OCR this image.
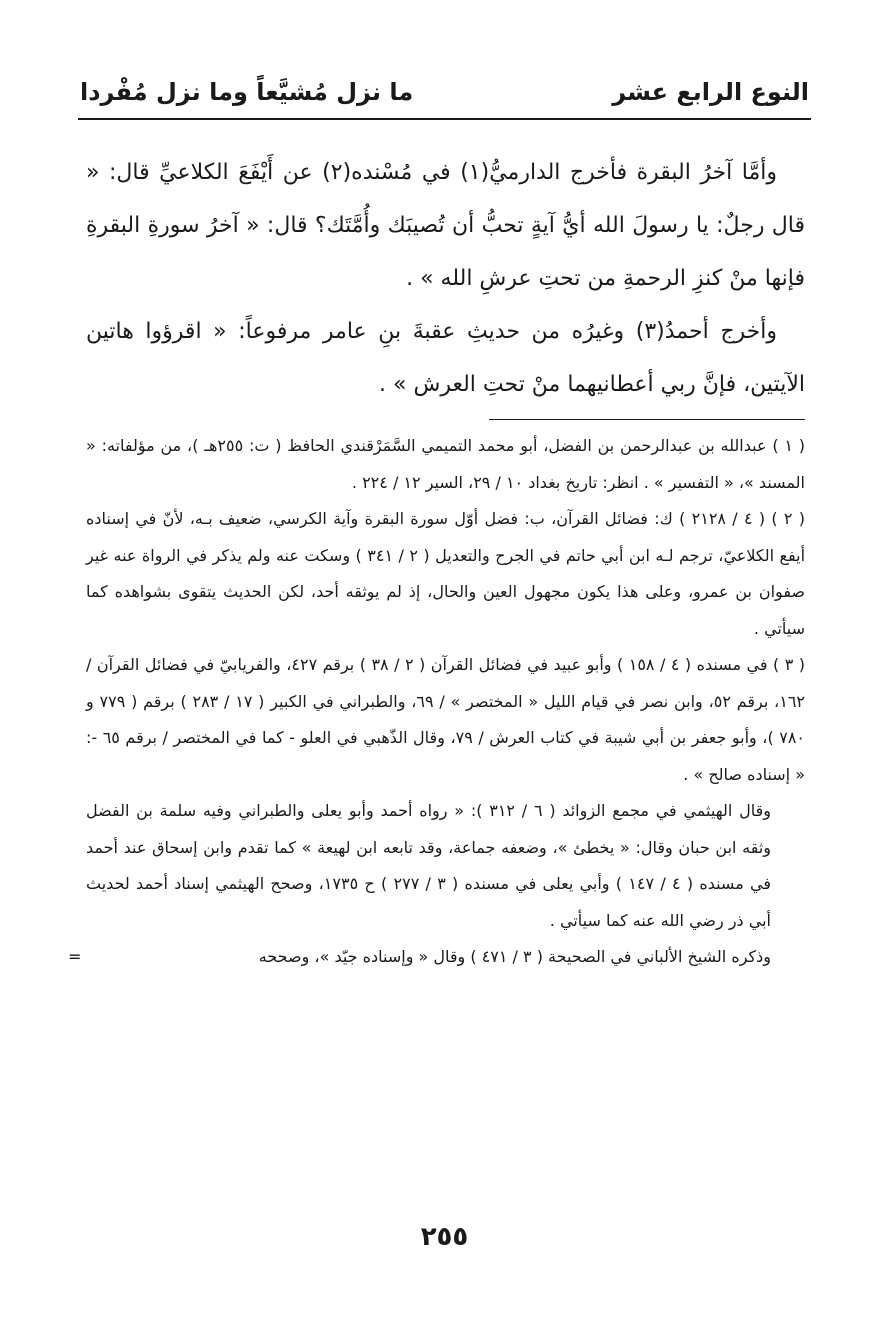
النوع الرابع عشر
ما نزل مُشيَّعاً وما نزل مُفْردا

وأمَّا آخرُ البقرة فأخرج الدارميُّ(١) في مُسْنده(٢) عن أَيْفَعَ الكلاعيِّ قال: « قال رجلٌ: يا رسولَ الله أيُّ آيةٍ تحبُّ أن تُصيبَك وأُمَّتَك؟ قال: « آخرُ سورةِ البقرةِ فإنها منْ كنزِ الرحمةِ من تحتِ عرشِ الله » .

وأخرج أحمدُ(٣) وغيرُه من حديثِ عقبةَ بنِ عامر مرفوعاً: « اقرؤوا هاتين الآيتين، فإنَّ ربي أعطانيهما منْ تحتِ العرش » .

( ١ ) عبدالله بن عبدالرحمن بن الفضل، أبو محمد التميمي السَّمَرْقندي الحافظ ( ت: ٢٥٥هـ )، من مؤلفاته: « المسند »، « التفسير » . انظر: تاريخ بغداد ١٠ / ٢٩، السير ١٢ / ٢٢٤ .

( ٢ ) ( ٤ / ٢١٢٨ ) ك: فضائل القرآن، ب: فضل أوّل سورة البقرة وآية الكرسي، ضعيف بـه، لأنّ في إسناده أيفع الكلاعيّ، ترجم لـه ابن أبي حاتم في الجرح والتعديل ( ٢ / ٣٤١ ) وسكت عنه ولم يذكر في الرواة عنه غير صفوان بن عمرو، وعلى هذا يكون مجهول العين والحال، إذ لم يوثقه أحد، لكن الحديث يتقوى بشواهده كما سيأتي .

( ٣ ) في مسنده ( ٤ / ١٥٨ ) وأبو عبيد في فضائل القرآن ( ٢ / ٣٨ ) برقم ٤٢٧، والفريابيّ في فضائل القرآن / ١٦٢، برقم ٥٢، وابن نصر في قيام الليل « المختصر » / ٦٩، والطبراني في الكبير ( ١٧ / ٢٨٣ ) برقم ( ٧٧٩ و ٧٨٠ )، وأبو جعفر بن أبي شيبة في كتاب العرش / ٧٩، وقال الذّهبي في العلو - كما في المختصر / برقم ٦٥ -: « إسناده صالح » .

وقال الهيثمي في مجمع الزوائد ( ٦ / ٣١٢ ): « رواه أحمد وأبو يعلى والطبراني وفيه سلمة بن الفضل وثقه ابن حبان وقال: « يخطئ »، وضعفه جماعة، وقد تابعه ابن لهيعة » كما تقدم وابن إسحاق عند أحمد في مسنده ( ٤ / ١٤٧ ) وأبي يعلى في مسنده ( ٣ / ٢٧٧ ) ح ١٧٣٥، وصحح الهيثمي إسناد أحمد لحديث أبي ذر رضي الله عنه كما سيأتي .

وذكره الشيخ الألباني في الصحيحة ( ٣ / ٤٧١ ) وقال « وإسناده جيّد »، وصححه
=

٢٥٥
